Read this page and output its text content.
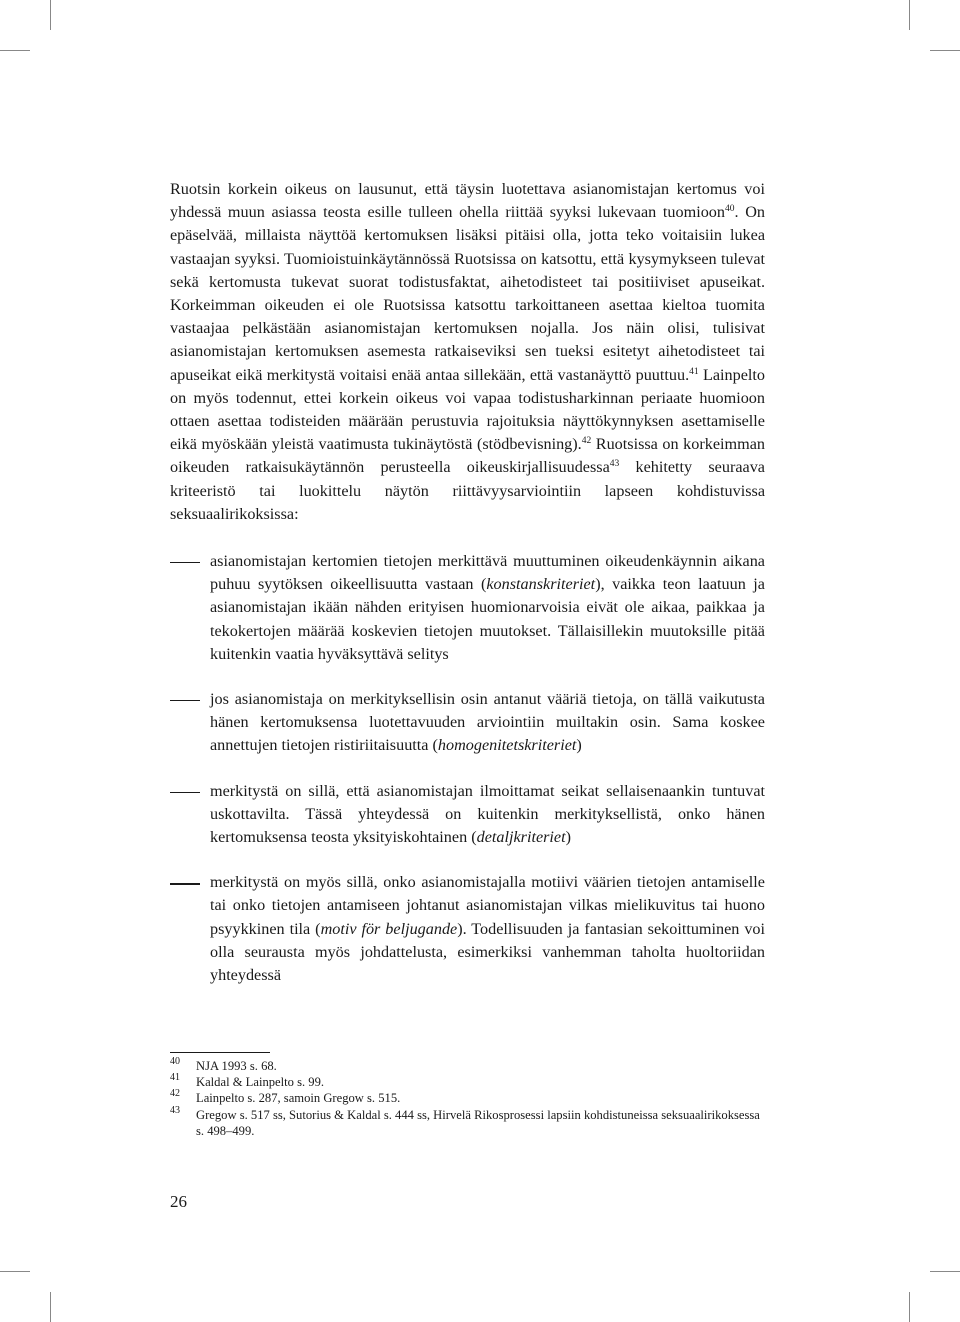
Ruotsin korkein oikeus on lausunut, että täysin luotettava asianomistajan kertomus voi yhdessä muun asiassa teosta esille tulleen ohella riittää syyksi lukevaan tuomioon$^{40}$. On epäselvää, millaista näyttöä kertomuksen lisäksi pitäisi olla, jotta teko voitaisiin lukea vastaajan syyksi. Tuomioistuinkäytännössä Ruotsissa on katsottu, että kysymykseen tulevat sekä kertomusta tukevat suorat todistusfaktat, aihetodisteet tai positiiviset apuseikat. Korkeimman oikeuden ei ole Ruotsissa katsottu tarkoittaneen asettaa kieltoa tuomita vastaajaa pelkästään asianomistajan kertomuksen nojalla. Jos näin olisi, tulisivat asianomistajan kertomuksen asemesta ratkaiseviksi sen tueksi esitetyt aihetodisteet tai apuseikat eikä merkitystä voitaisi enää antaa sillekään, että vastanäyttö puuttuu.$^{41}$ Lainpelto on myös todennut, ettei korkein oikeus voi vapaa todistusharkinnan periaate huomioon ottaen asettaa todisteiden määrään perustuvia rajoituksia näyttökynnyksen asettamiselle eikä myöskään yleistä vaatimusta tukinäytöstä (stödbevisning).$^{42}$ Ruotsissa on korkeimman oikeuden ratkaisukäytännön perusteella oikeuskirjallisuudessa$^{43}$ kehitetty seuraava kriteeristö tai luokittelu näytön riittävyysarviointiin lapseen kohdistuvissa seksuaalirikoksissa:

asianomistajan kertomien tietojen merkittävä muuttuminen oikeudenkäynnin aikana puhuu syytöksen oikeellisuutta vastaan (konstanskriteriet), vaikka teon laatuun ja asianomistajan ikään nähden erityisen huomionarvoisia eivät ole aikaa, paikkaa ja tekokertojen määrää koskevien tietojen muutokset. Tällaisillekin muutoksille pitää kuitenkin vaatia hyväksyttävä selitys
jos asianomistaja on merkityksellisin osin antanut vääriä tietoja, on tällä vaikutusta hänen kertomuksensa luotettavuuden arviointiin muiltakin osin. Sama koskee annettujen tietojen ristiriitaisuutta (homogenitetskriteriet)
merkitystä on sillä, että asianomistajan ilmoittamat seikat sellaisenaankin tuntuvat uskottavilta. Tässä yhteydessä on kuitenkin merkityksellistä, onko hänen kertomuksensa teosta yksityiskohtainen (detaljkriteriet)
merkitystä on myös sillä, onko asianomistajalla motiivi väärien tietojen antamiselle tai onko tietojen antamiseen johtanut asianomistajan vilkas mielikuvitus tai huono psyykkinen tila (motiv för beljugande). Todellisuuden ja fantasian sekoittuminen voi olla seurausta myös johdattelusta, esimerkiksi vanhemman taholta huoltoriidan yhteydessä
40 NJA 1993 s. 68.
41 Kaldal & Lainpelto s. 99.
42 Lainpelto s. 287, samoin Gregow s. 515.
43 Gregow s. 517 ss, Sutorius & Kaldal s. 444 ss, Hirvelä Rikosprosessi lapsiin kohdistuneissa seksuaalirikoksessa s. 498–499.
26
